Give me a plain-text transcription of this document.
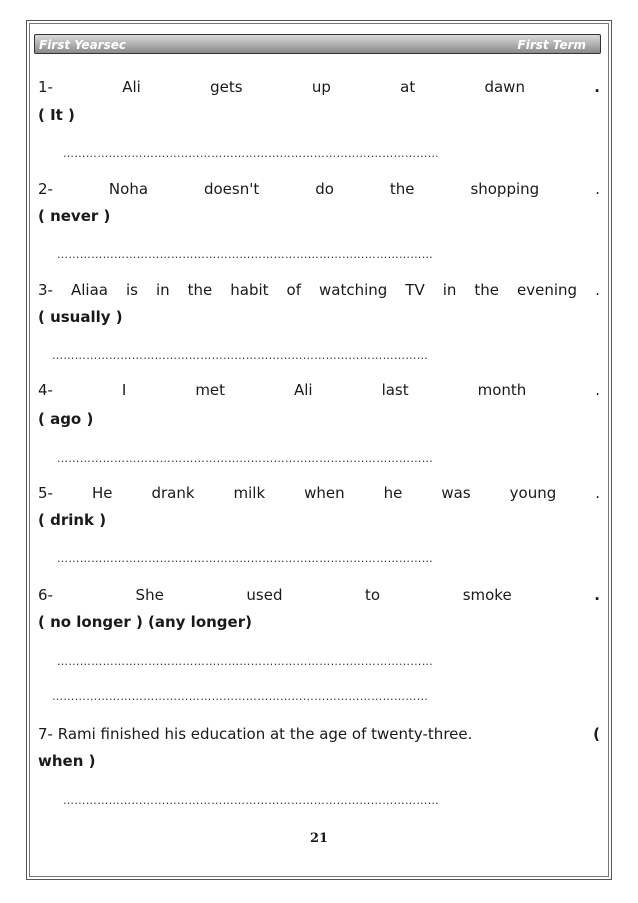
First Yearsec	First Term
1-	Ali	gets	up	at	dawn	.
( It )
………………………………………………………………………………………
2-	Noha	doesn't	do	the	shopping	.
( never )
………………………………………………………………………………………
3- Aliaa is in the habit of watching TV in the evening .
( usually )
………………………………………………………………………………………
4-	I	met	Ali	last	month	.
( ago )
………………………………………………………………………………………
5-	He	drank	milk	when	he	was	young	.
( drink )
………………………………………………………………………………………
6-	She	used	to	smoke	.
( no longer ) (any longer)
………………………………………………………………………………………
………………………………………………………………………………………
7- Rami finished his education at the age of twenty-three.	(
when )
………………………………………………………………………………………
21
